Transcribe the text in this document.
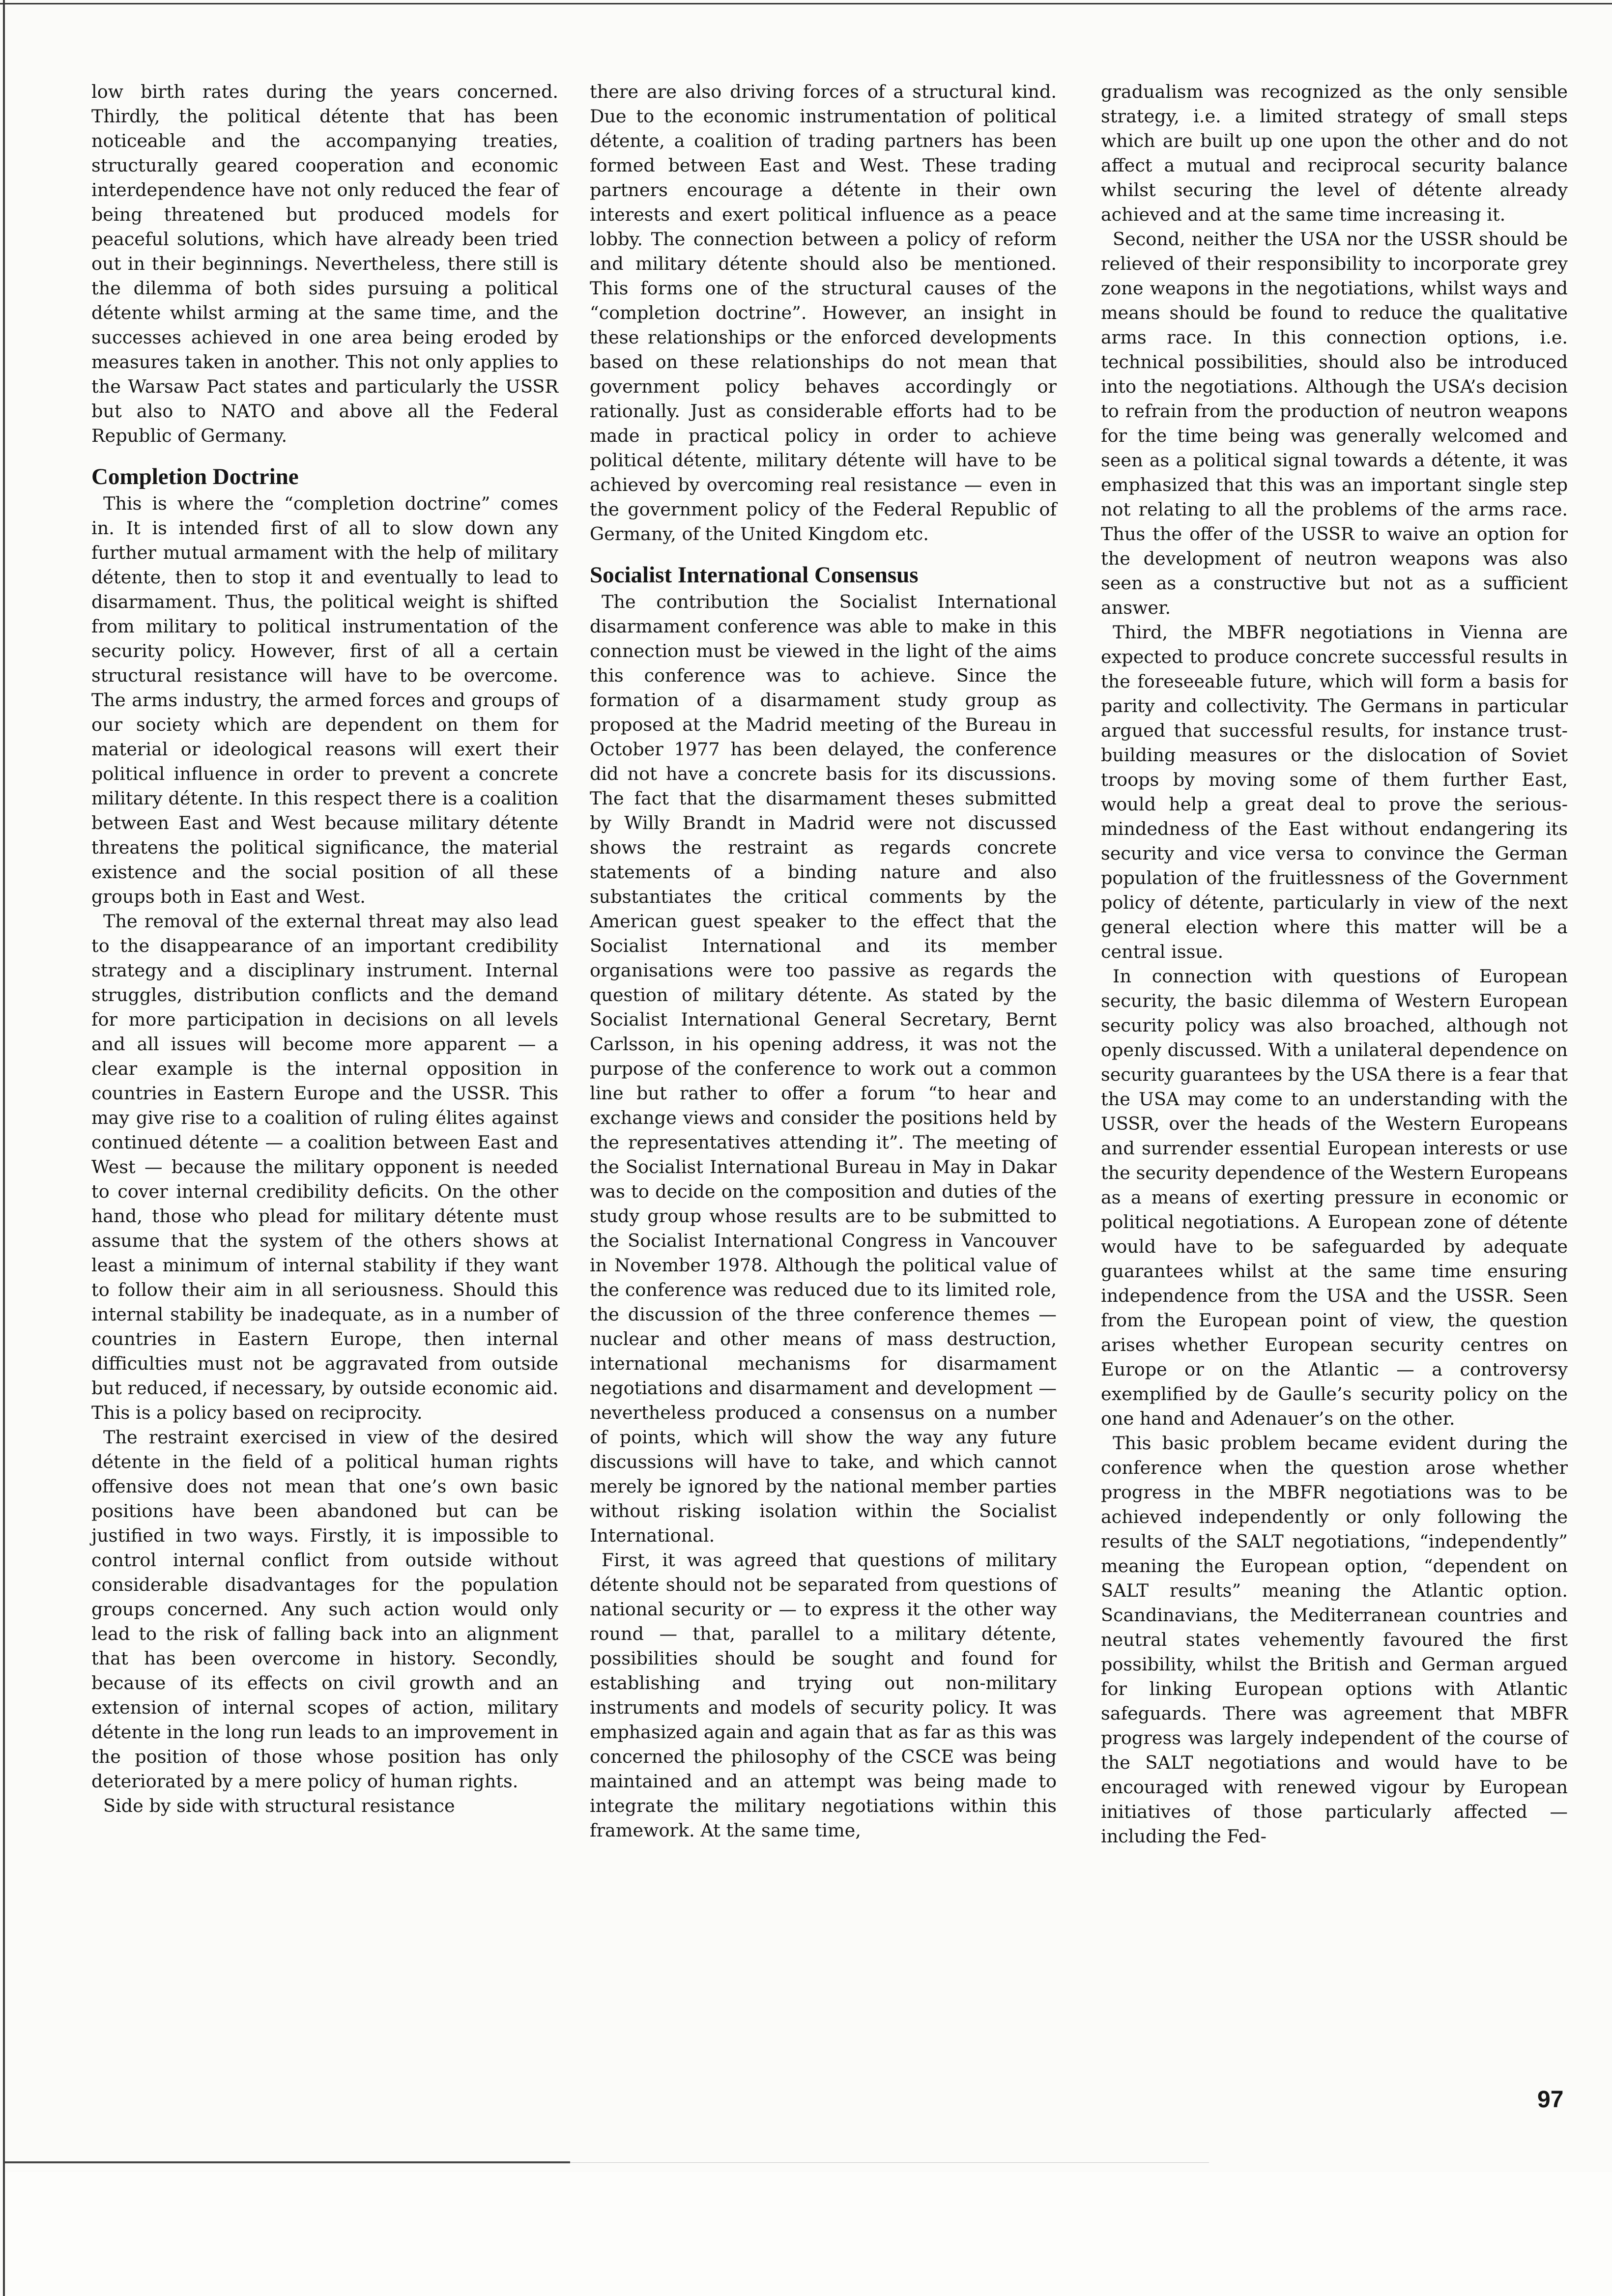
low birth rates during the years concerned. Thirdly, the political détente that has been noticeable and the accompanying treaties, structurally geared cooperation and economic interdependence have not only reduced the fear of being threatened but produced models for peaceful solutions, which have already been tried out in their beginnings. Nevertheless, there still is the dilemma of both sides pursuing a political détente whilst arming at the same time, and the successes achieved in one area being eroded by measures taken in another. This not only applies to the Warsaw Pact states and particularly the USSR but also to NATO and above all the Federal Republic of Germany.

Completion Doctrine

This is where the “completion doctrine” comes in. It is intended first of all to slow down any further mutual armament with the help of military détente, then to stop it and eventually to lead to disarmament. Thus, the political weight is shifted from military to political instrumentation of the security policy. However, first of all a certain structural resistance will have to be overcome. The arms industry, the armed forces and groups of our society which are dependent on them for material or ideological reasons will exert their political influence in order to prevent a concrete military détente. In this respect there is a coalition between East and West because military détente threatens the political significance, the material existence and the social position of all these groups both in East and West.

The removal of the external threat may also lead to the disappearance of an important credibility strategy and a disciplinary instrument. Internal struggles, distribution conflicts and the demand for more participation in decisions on all levels and all issues will become more apparent — a clear example is the internal opposition in countries in Eastern Europe and the USSR. This may give rise to a coalition of ruling élites against continued détente — a coalition between East and West — because the military opponent is needed to cover internal credibility deficits. On the other hand, those who plead for military détente must assume that the system of the others shows at least a minimum of internal stability if they want to follow their aim in all seriousness. Should this internal stability be inadequate, as in a number of countries in Eastern Europe, then internal difficulties must not be aggravated from outside but reduced, if necessary, by outside economic aid. This is a policy based on reciprocity.

The restraint exercised in view of the desired détente in the field of a political human rights offensive does not mean that one’s own basic positions have been abandoned but can be justified in two ways. Firstly, it is impossible to control internal conflict from outside without considerable disadvantages for the population groups concerned. Any such action would only lead to the risk of falling back into an alignment that has been overcome in history. Secondly, because of its effects on civil growth and an extension of internal scopes of action, military détente in the long run leads to an improvement in the position of those whose position has only deteriorated by a mere policy of human rights.

Side by side with structural resistance

there are also driving forces of a structural kind. Due to the economic instrumentation of political détente, a coalition of trading partners has been formed between East and West. These trading partners encourage a détente in their own interests and exert political influence as a peace lobby. The connection between a policy of reform and military détente should also be mentioned. This forms one of the structural causes of the “completion doctrine”. However, an insight in these relationships or the enforced developments based on these relationships do not mean that government policy behaves accordingly or rationally. Just as considerable efforts had to be made in practical policy in order to achieve political détente, military détente will have to be achieved by overcoming real resistance — even in the government policy of the Federal Republic of Germany, of the United Kingdom etc.

Socialist International Consensus

The contribution the Socialist International disarmament conference was able to make in this connection must be viewed in the light of the aims this conference was to achieve. Since the formation of a disarmament study group as proposed at the Madrid meeting of the Bureau in October 1977 has been delayed, the conference did not have a concrete basis for its discussions. The fact that the disarmament theses submitted by Willy Brandt in Madrid were not discussed shows the restraint as regards concrete statements of a binding nature and also substantiates the critical comments by the American guest speaker to the effect that the Socialist International and its member organisations were too passive as regards the question of military détente. As stated by the Socialist International General Secretary, Bernt Carlsson, in his opening address, it was not the purpose of the conference to work out a common line but rather to offer a forum “to hear and exchange views and consider the positions held by the representatives attending it”. The meeting of the Socialist International Bureau in May in Dakar was to decide on the composition and duties of the study group whose results are to be submitted to the Socialist International Congress in Vancouver in November 1978. Although the political value of the conference was reduced due to its limited role, the discussion of the three conference themes — nuclear and other means of mass destruction, international mechanisms for disarmament negotiations and disarmament and development — nevertheless produced a consensus on a number of points, which will show the way any future discussions will have to take, and which cannot merely be ignored by the national member parties without risking isolation within the Socialist International.

First, it was agreed that questions of military détente should not be separated from questions of national security or — to express it the other way round — that, parallel to a military détente, possibilities should be sought and found for establishing and trying out non-military instruments and models of security policy. It was emphasized again and again that as far as this was concerned the philosophy of the CSCE was being maintained and an attempt was being made to integrate the military negotiations within this framework. At the same time,

gradualism was recognized as the only sensible strategy, i.e. a limited strategy of small steps which are built up one upon the other and do not affect a mutual and reciprocal security balance whilst securing the level of détente already achieved and at the same time increasing it.

Second, neither the USA nor the USSR should be relieved of their responsibility to incorporate grey zone weapons in the negotiations, whilst ways and means should be found to reduce the qualitative arms race. In this connection options, i.e. technical possibilities, should also be introduced into the negotiations. Although the USA’s decision to refrain from the production of neutron weapons for the time being was generally welcomed and seen as a political signal towards a détente, it was emphasized that this was an important single step not relating to all the problems of the arms race. Thus the offer of the USSR to waive an option for the development of neutron weapons was also seen as a constructive but not as a sufficient answer.

Third, the MBFR negotiations in Vienna are expected to produce concrete successful results in the foreseeable future, which will form a basis for parity and collectivity. The Germans in particular argued that successful results, for instance trust-building measures or the dislocation of Soviet troops by moving some of them further East, would help a great deal to prove the serious-mindedness of the East without endangering its security and vice versa to convince the German population of the fruitlessness of the Government policy of détente, particularly in view of the next general election where this matter will be a central issue.

In connection with questions of European security, the basic dilemma of Western European security policy was also broached, although not openly discussed. With a unilateral dependence on security guarantees by the USA there is a fear that the USA may come to an understanding with the USSR, over the heads of the Western Europeans and surrender essential European interests or use the security dependence of the Western Europeans as a means of exerting pressure in economic or political negotiations. A European zone of détente would have to be safeguarded by adequate guarantees whilst at the same time ensuring independence from the USA and the USSR. Seen from the European point of view, the question arises whether European security centres on Europe or on the Atlantic — a controversy exemplified by de Gaulle’s security policy on the one hand and Adenauer’s on the other.

This basic problem became evident during the conference when the question arose whether progress in the MBFR negotiations was to be achieved independently or only following the results of the SALT negotiations, “independently” meaning the European option, “dependent on SALT results” meaning the Atlantic option. Scandinavians, the Mediterranean countries and neutral states vehemently favoured the first possibility, whilst the British and German argued for linking European options with Atlantic safeguards. There was agreement that MBFR progress was largely independent of the course of the SALT negotiations and would have to be encouraged with renewed vigour by European initiatives of those particularly affected — including the Fed-

97
